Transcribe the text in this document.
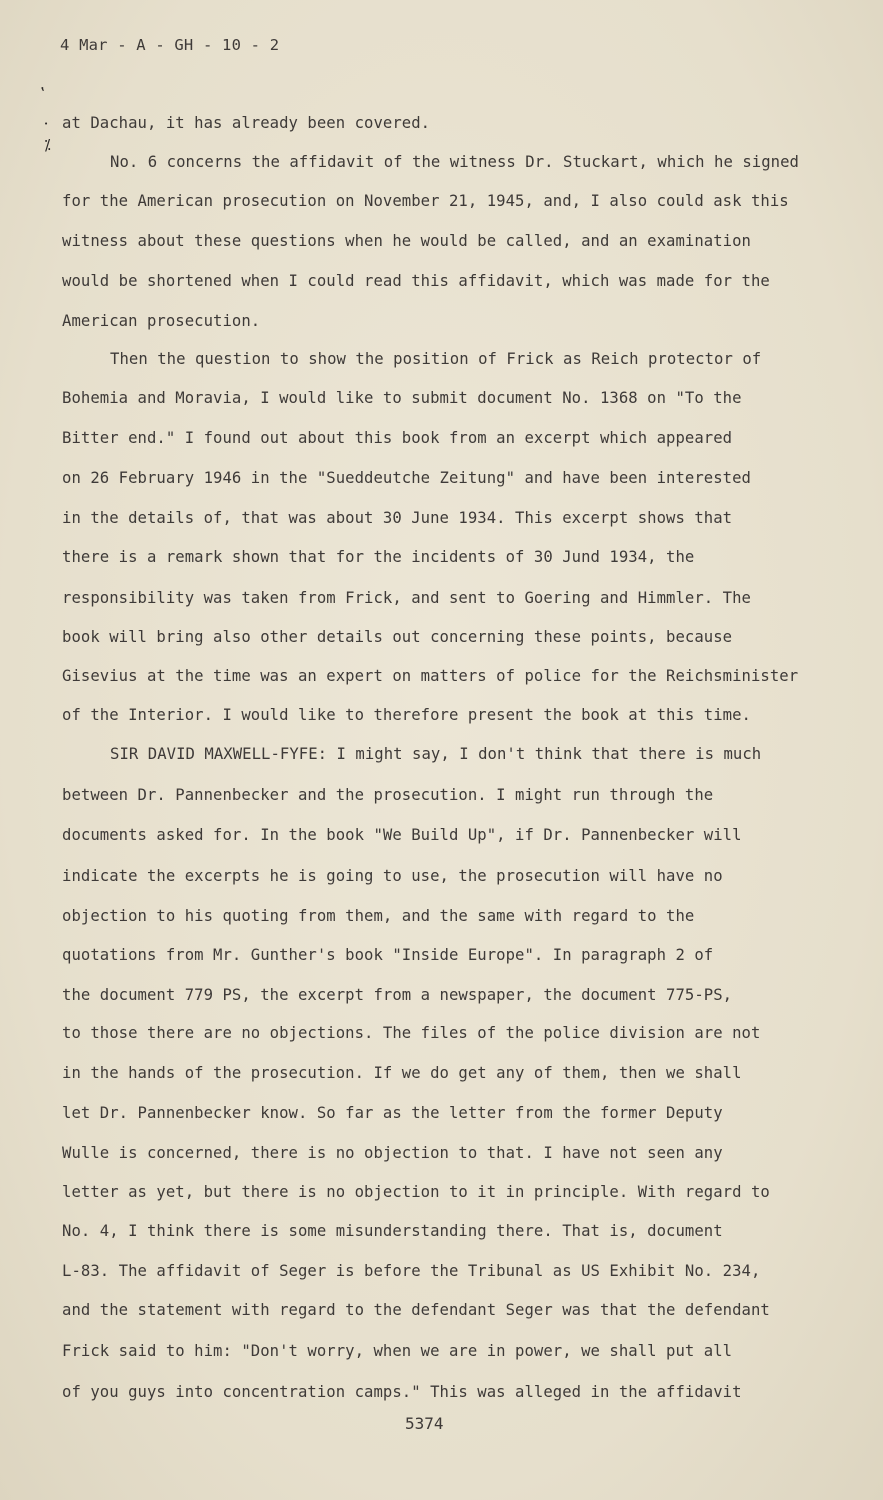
4 Mar - A - GH - 10 - 2
ʽ
•
⁒
at Dachau, it has already been covered.
No. 6 concerns the affidavit of the witness Dr. Stuckart, which he signed
for the American prosecution on November 21, 1945, and, I also could ask this
witness about these questions when he would be called, and an examination
would be shortened when I could read this affidavit, which was made for the
American prosecution.
Then the question to show the position of Frick as Reich protector of
Bohemia and Moravia, I would like to submit document No. 1368 on "To the
Bitter end." I found out about this book from an excerpt which appeared
on 26 February 1946 in the "Sueddeutche Zeitung" and have been interested
in the details of, that was about 30 June 1934. This excerpt shows that
there is a remark shown that for the incidents of 30 Jund 1934, the
responsibility was taken from Frick, and sent to Goering and Himmler. The
book will bring also other details out concerning these points, because
Gisevius at the time was an expert on matters of police for the Reichsminister
of the Interior. I would like to therefore present the book at this time.
SIR DAVID MAXWELL-FYFE: I might say, I don't think that there is much
between Dr. Pannenbecker and the prosecution. I might run through the
documents asked for. In the book "We Build Up", if Dr. Pannenbecker will
indicate the excerpts he is going to use, the prosecution will have no
objection to his quoting from them, and the same with regard to the
quotations from Mr. Gunther's book "Inside Europe". In paragraph 2 of
the document 779 PS, the excerpt from a newspaper, the document 775-PS,
to those there are no objections. The files of the police division are not
in the hands of the prosecution. If we do get any of them, then we shall
let Dr. Pannenbecker know. So far as the letter from the former Deputy
Wulle is concerned, there is no objection to that. I have not seen any
letter as yet, but there is no objection to it in principle. With regard to
No. 4, I think there is some misunderstanding there. That is, document
L-83. The affidavit of Seger is before the Tribunal as US Exhibit No. 234,
and the statement with regard to the defendant Seger was that the defendant
Frick said to him: "Don't worry, when we are in power, we shall put all
of you guys into concentration camps." This was alleged in the affidavit
5374
